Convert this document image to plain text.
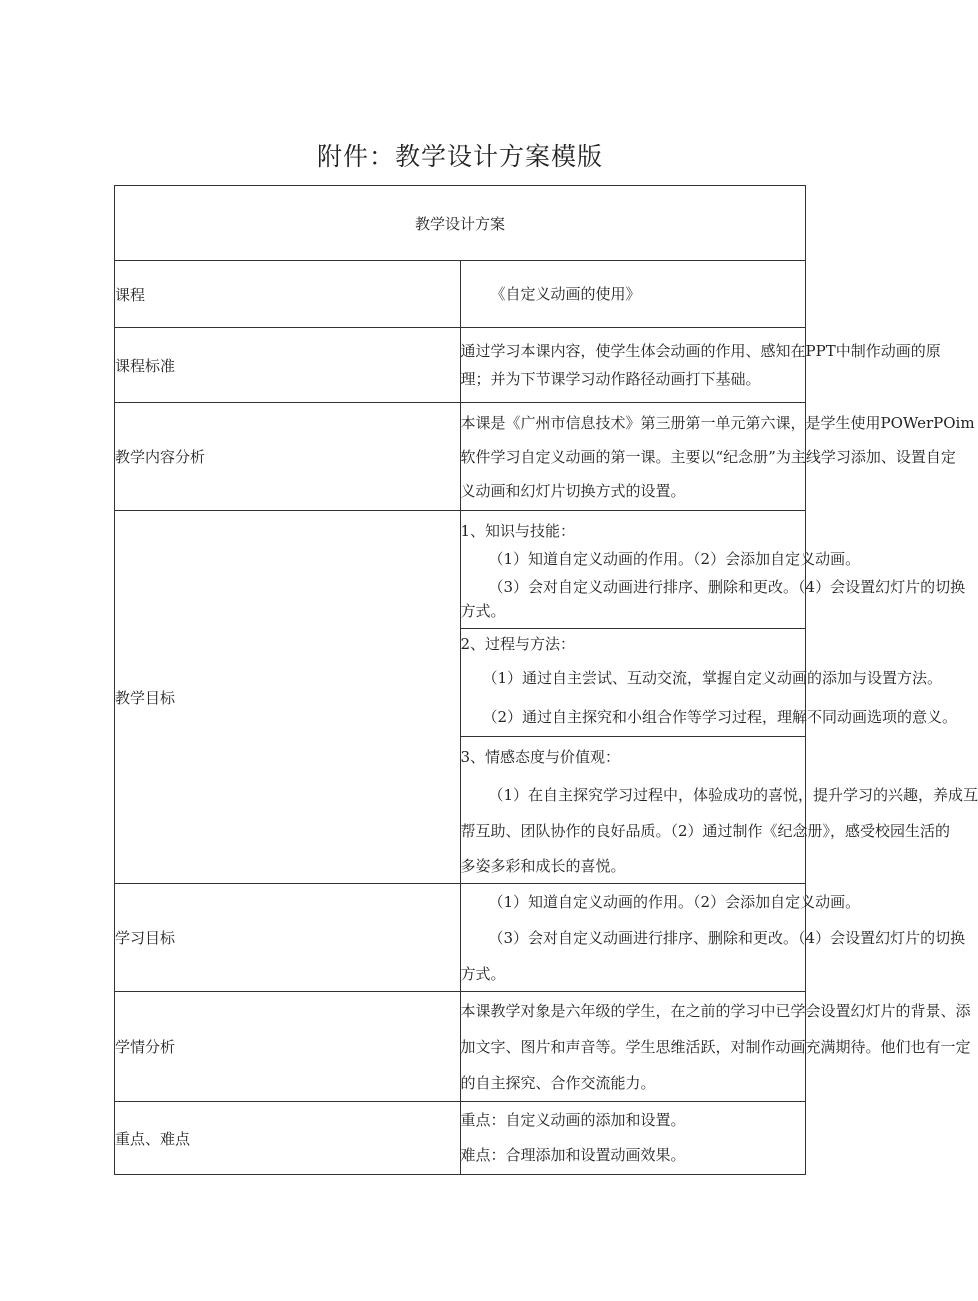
附件：教学设计方案模版
教学设计方案	
课程	《自定义动画的使用》

课程标准	通过学习本课内容，使学生体会动画的作用、感知在PPT中制作动画的原
理；并为下节课学习动作路径动画打下基础。

教学内容分析	本课是《广州市信息技术》第三册第一单元第六课，是学生使用POWerPOim
软件学习自定义动画的第一课。主要以“纪念册”为主线学习添加、设置自定
义动画和幻灯片切换方式的设置。

教学目标	1、知识与技能：
（1）知道自定义动画的作用。（2）会添加自定义动画。
（3）会对自定义动画进行排序、删除和更改。（4）会设置幻灯片的切换
方式。

	2、过程与方法：
（1）通过自主尝试、互动交流，掌握自定义动画的添加与设置方法。
（2）通过自主探究和小组合作等学习过程，理解不同动画选项的意义。

	3、情感态度与价值观：
（1）在自主探究学习过程中，体验成功的喜悦，提升学习的兴趣，养成互
帮互助、团队协作的良好品质。（2）通过制作《纪念册》，感受校园生活的
多姿多彩和成长的喜悦。

学习目标	（1）知道自定义动画的作用。（2）会添加自定义动画。
（3）会对自定义动画进行排序、删除和更改。（4）会设置幻灯片的切换
方式。

学情分析	本课教学对象是六年级的学生，在之前的学习中已学会设置幻灯片的背景、添
加文字、图片和声音等。学生思维活跃，对制作动画充满期待。他们也有一定
的自主探究、合作交流能力。

重点、难点	重点：自定义动画的添加和设置。
难点：合理添加和设置动画效果。
